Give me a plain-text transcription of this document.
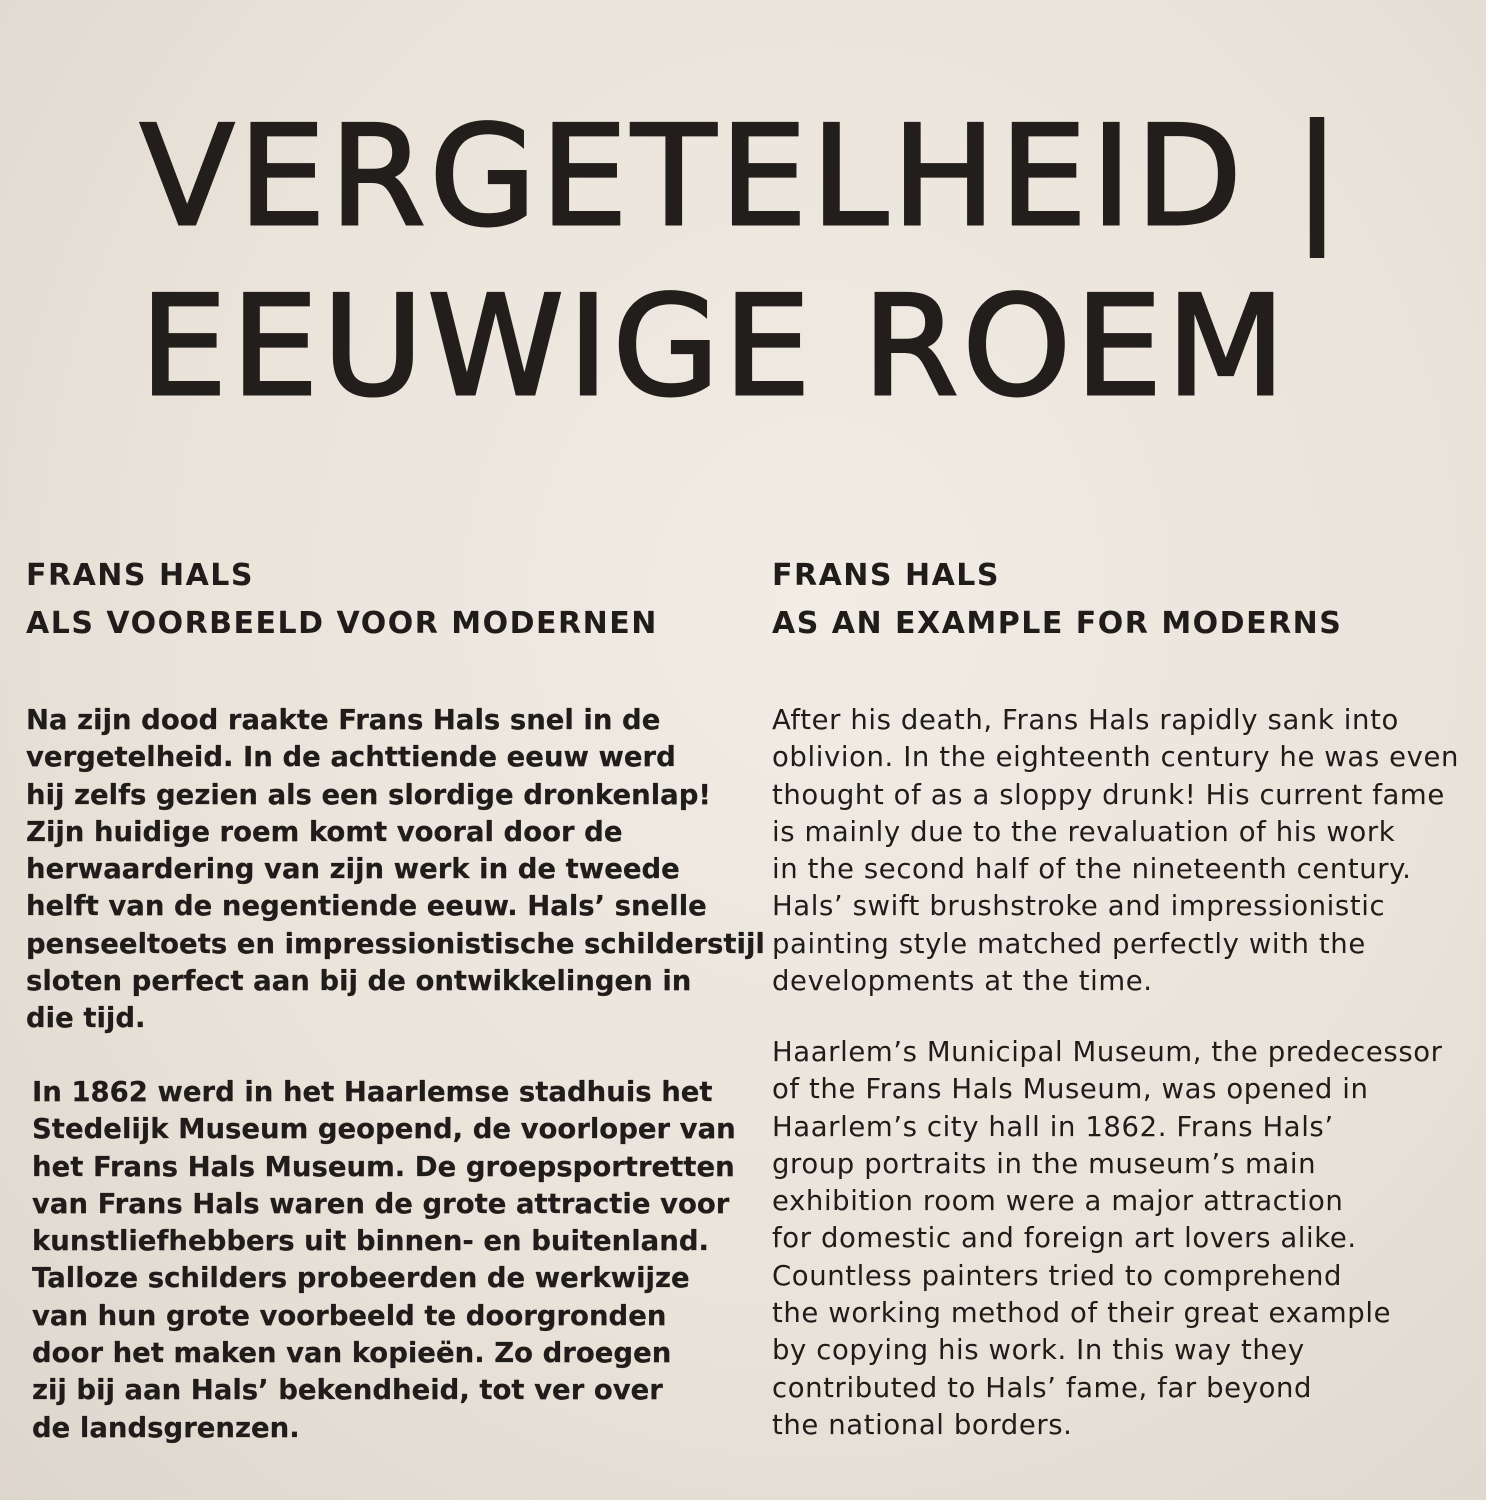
VERGETELHEID |
EEUWIGE ROEM
FRANS HALS
ALS VOORBEELD VOOR MODERNEN

Na zijn dood raakte Frans Hals snel in de
vergetelheid. In de achttiende eeuw werd
hij zelfs gezien als een slordige dronkenlap!
Zijn huidige roem komt vooral door de
herwaardering van zijn werk in de tweede
helft van de negentiende eeuw. Hals’ snelle
penseeltoets en impressionistische schilderstijl
sloten perfect aan bij de ontwikkelingen in
die tijd.

In 1862 werd in het Haarlemse stadhuis het
Stedelijk Museum geopend, de voorloper van
het Frans Hals Museum. De groepsportretten
van Frans Hals waren de grote attractie voor
kunstliefhebbers uit binnen- en buitenland.
Talloze schilders probeerden de werkwijze
van hun grote voorbeeld te doorgronden
door het maken van kopieën. Zo droegen
zij bij aan Hals’ bekendheid, tot ver over
de landsgrenzen.

FRANS HALS
AS AN EXAMPLE FOR MODERNS

After his death, Frans Hals rapidly sank into
oblivion. In the eighteenth century he was even
thought of as a sloppy drunk! His current fame
is mainly due to the revaluation of his work
in the second half of the nineteenth century.
Hals’ swift brushstroke and impressionistic
painting style matched perfectly with the
developments at the time.

Haarlem’s Municipal Museum, the predecessor
of the Frans Hals Museum, was opened in
Haarlem’s city hall in 1862. Frans Hals’
group portraits in the museum’s main
exhibition room were a major attraction
for domestic and foreign art lovers alike.
Countless painters tried to comprehend
the working method of their great example
by copying his work. In this way they
contributed to Hals’ fame, far beyond
the national borders.
